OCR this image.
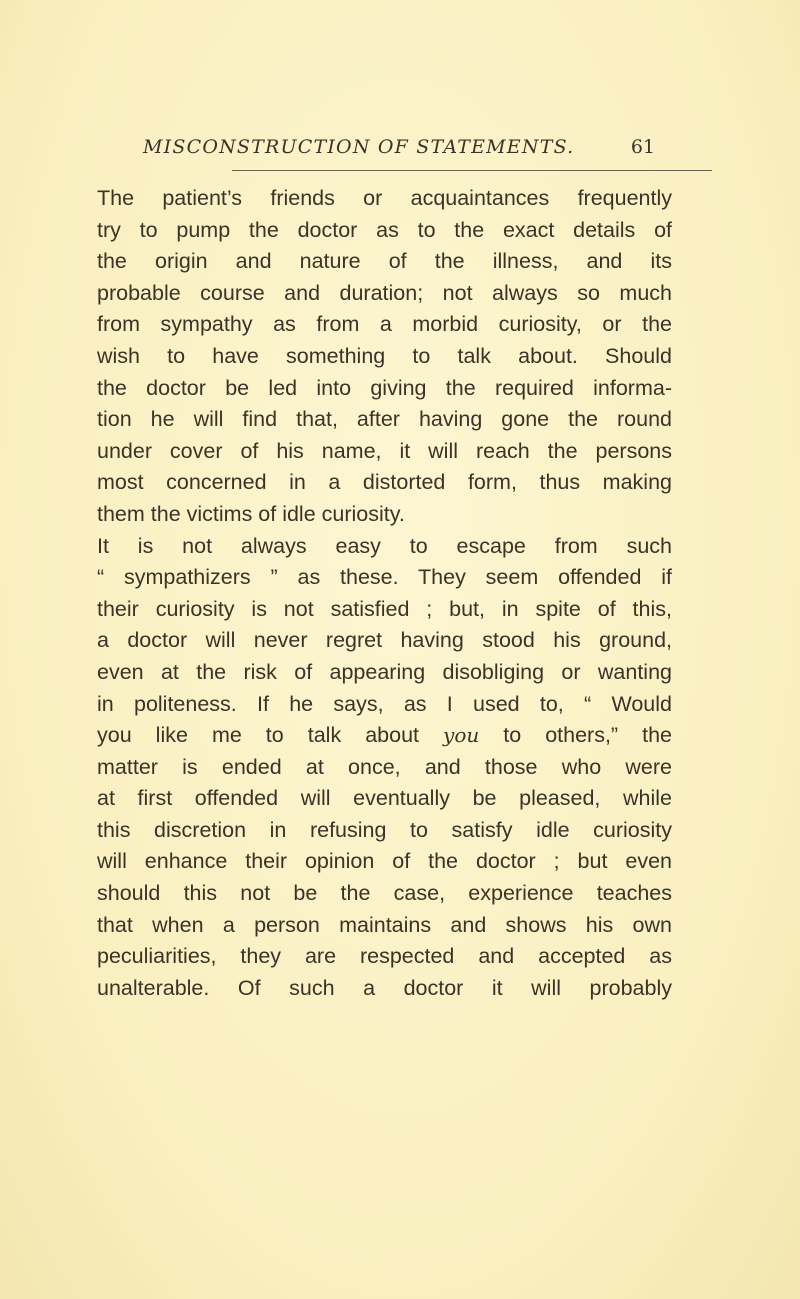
MISCONSTRUCTION OF STATEMENTS.	61
The patient’s friends or acquaintances frequently
try to pump the doctor as to the exact details of
the origin and nature of the illness, and its
probable course and duration; not always so much
from sympathy as from a morbid curiosity, or the
wish to have something to talk about. Should
the doctor be led into giving the required informa-
tion he will find that, after having gone the round
under cover of his name, it will reach the persons
most concerned in a distorted form, thus making
them the victims of idle curiosity.
It is not always easy to escape from such
“ sympathizers ” as these. They seem offended if
their curiosity is not satisfied ; but, in spite of this,
a doctor will never regret having stood his ground,
even at the risk of appearing disobliging or wanting
in politeness. If he says, as I used to, “ Would
you like me to talk about you to others,” the
matter is ended at once, and those who were
at first offended will eventually be pleased, while
this discretion in refusing to satisfy idle curiosity
will enhance their opinion of the doctor ; but even
should this not be the case, experience teaches
that when a person maintains and shows his own
peculiarities, they are respected and accepted as
unalterable. Of such a doctor it will probably
